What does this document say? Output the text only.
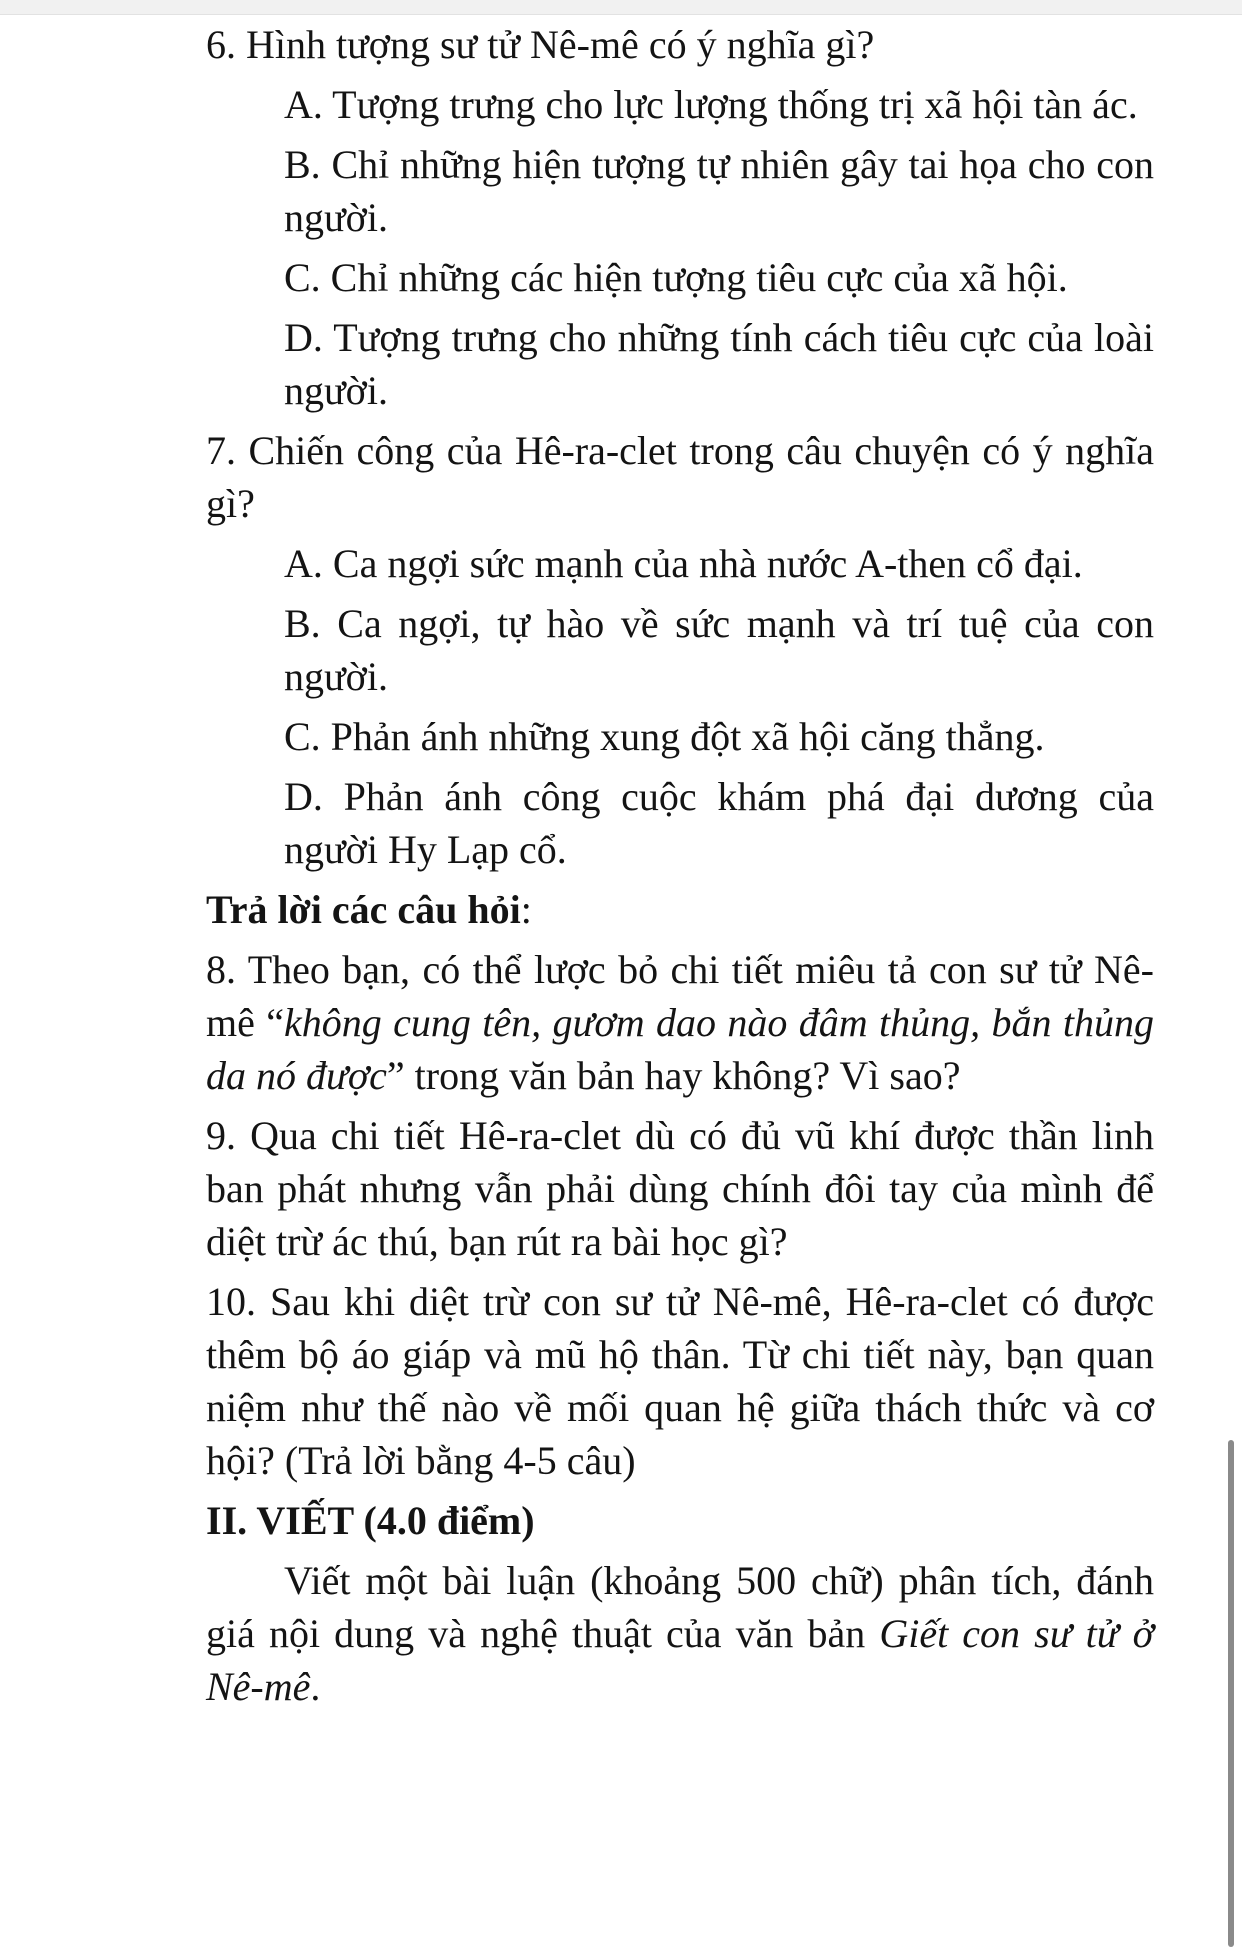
6. Hình tượng sư tử Nê-mê có ý nghĩa gì?

A. Tượng trưng cho lực lượng thống trị xã hội tàn ác.

B. Chỉ những hiện tượng tự nhiên gây tai họa cho con người.

C. Chỉ những các hiện tượng tiêu cực của xã hội.

D. Tượng trưng cho những tính cách tiêu cực của loài người.

7. Chiến công của Hê-ra-clet trong câu chuyện có ý nghĩa gì?

A. Ca ngợi sức mạnh của nhà nước A-then cổ đại.

B. Ca ngợi, tự hào về sức mạnh và trí tuệ của con người.

C. Phản ánh những xung đột xã hội căng thẳng.

D. Phản ánh công cuộc khám phá đại dương của người Hy Lạp cổ.

Trả lời các câu hỏi:

8. Theo bạn, có thể lược bỏ chi tiết miêu tả con sư tử Nê-mê “không cung tên, gươm dao nào đâm thủng, bắn thủng da nó được” trong văn bản hay không? Vì sao?

9. Qua chi tiết Hê-ra-clet dù có đủ vũ khí được thần linh ban phát nhưng vẫn phải dùng chính đôi tay của mình để diệt trừ ác thú, bạn rút ra bài học gì?

10. Sau khi diệt trừ con sư tử Nê-mê, Hê-ra-clet có được thêm bộ áo giáp và mũ hộ thân. Từ chi tiết này, bạn quan niệm như thế nào về mối quan hệ giữa thách thức và cơ hội? (Trả lời bằng 4-5 câu)

II. VIẾT (4.0 điểm)

Viết một bài luận (khoảng 500 chữ) phân tích, đánh giá nội dung và nghệ thuật của văn bản Giết con sư tử ở Nê-mê.
